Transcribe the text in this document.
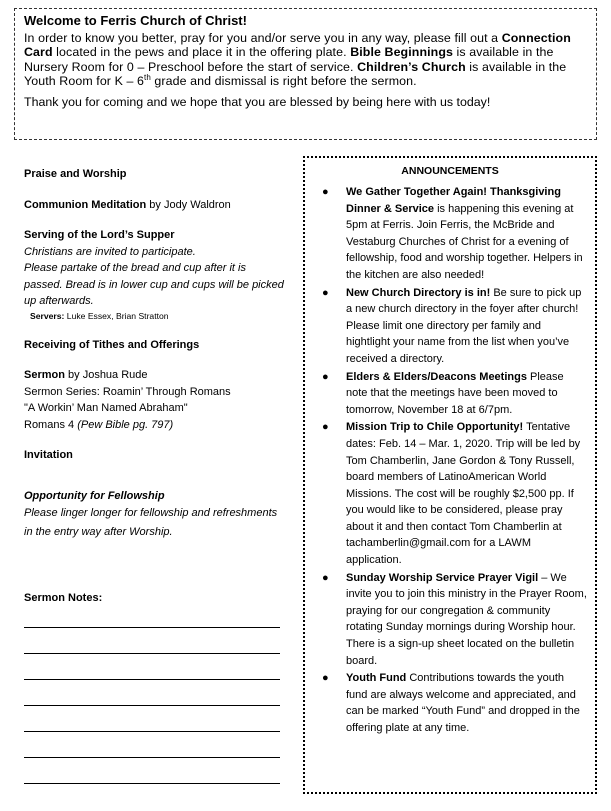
Welcome to Ferris Church of Christ!
In order to know you better, pray for you and/or serve you in any way, please fill out a Connection Card located in the pews and place it in the offering plate. Bible Beginnings is available in the Nursery Room for 0 – Preschool before the start of service. Children’s Church is available in the Youth Room for K – 6th grade and dismissal is right before the sermon.
Thank you for coming and we hope that you are blessed by being here with us today!
Praise and Worship
Communion Meditation by Jody Waldron
Serving of the Lord’s Supper
Christians are invited to participate.
Please partake of the bread and cup after it is passed. Bread is in lower cup and cups will be picked up afterwards.
Servers: Luke Essex, Brian Stratton
Receiving of Tithes and Offerings
Sermon by Joshua Rude
Sermon Series: Roamin’ Through Romans
"A Workin’ Man Named Abraham"
Romans 4 (Pew Bible pg. 797)
Invitation
Opportunity for Fellowship
Please linger longer for fellowship and refreshments in the entry way after Worship.
Sermon Notes:
ANNOUNCEMENTS
● We Gather Together Again! Thanksgiving Dinner & Service is happening this evening at 5pm at Ferris. Join Ferris, the McBride and Vestaburg Churches of Christ for a evening of fellowship, food and worship together. Helpers in the kitchen are also needed!
● New Church Directory is in! Be sure to pick up a new church directory in the foyer after church! Please limit one directory per family and hightlight your name from the list when you’ve received a directory.
● Elders & Elders/Deacons Meetings Please note that the meetings have been moved to tomorrow, November 18 at 6/7pm.
● Mission Trip to Chile Opportunity! Tentative dates: Feb. 14 – Mar. 1, 2020. Trip will be led by Tom Chamberlin, Jane Gordon & Tony Russell, board members of LatinoAmerican World Missions. The cost will be roughly $2,500 pp. If you would like to be considered, please pray about it and then contact Tom Chamberlin at tachamberlin@gmail.com for a LAWM application.
● Sunday Worship Service Prayer Vigil – We invite you to join this ministry in the Prayer Room, praying for our congregation & community rotating Sunday mornings during Worship hour. There is a sign-up sheet located on the bulletin board.
● Youth Fund Contributions towards the youth fund are always welcome and appreciated, and can be marked “Youth Fund” and dropped in the offering plate at any time.
